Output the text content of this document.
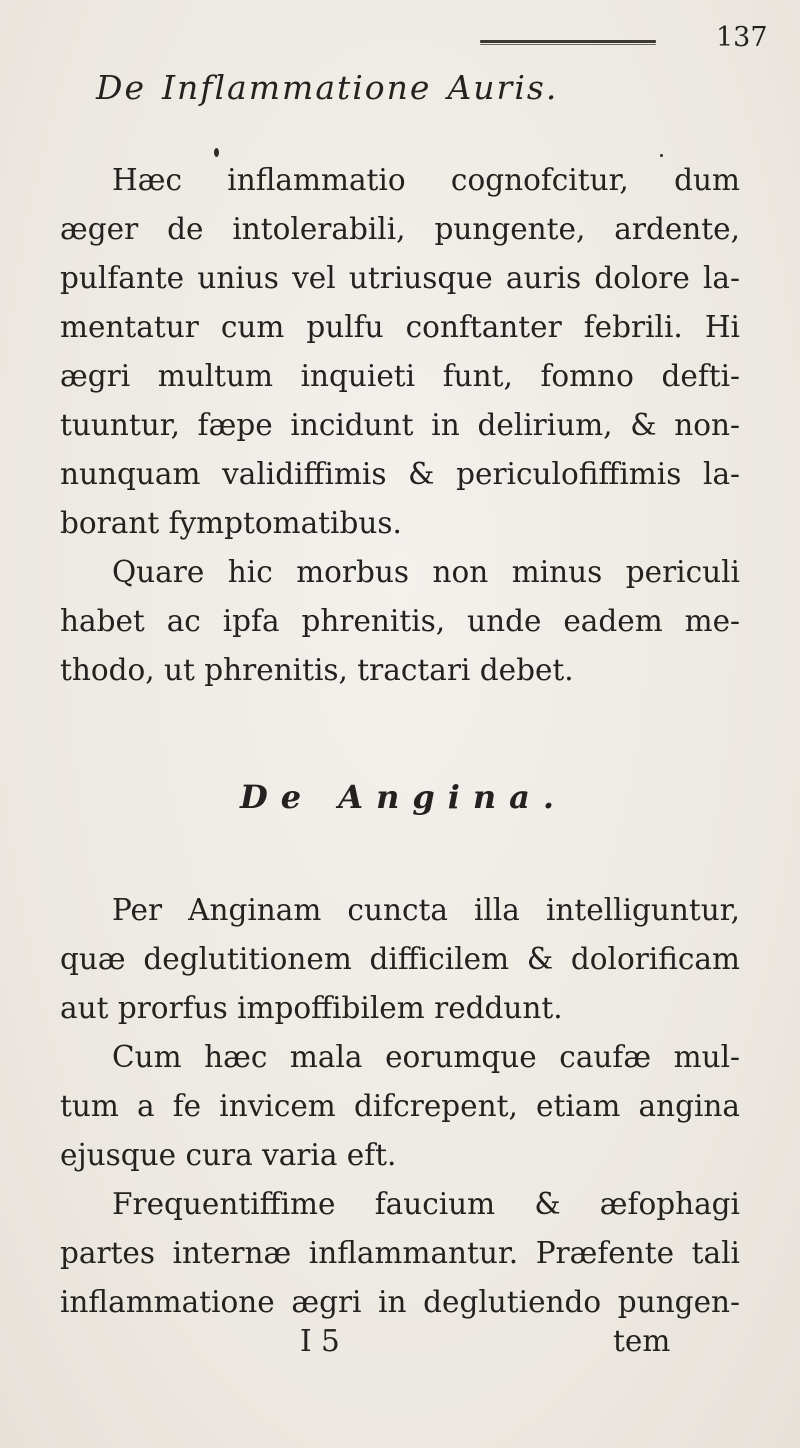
137
De Inflammatione Auris.
Hæc inflammatio cognofcitur, dum
æger de intolerabili, pungente, ardente,
pulfante unius vel utriusque auris dolore la-
mentatur cum pulfu conftanter febrili. Hi
ægri multum inquieti funt, fomno defti-
tuuntur, fæpe incidunt in delirium, & non-
nunquam validiffimis & periculofiffimis la-
borant fymptomatibus.
Quare hic morbus non minus periculi
habet ac ipfa phrenitis, unde eadem me-
thodo, ut phrenitis, tractari debet.
De Angina.
Per Anginam cuncta illa intelliguntur,
quæ deglutitionem difficilem & dolorificam
aut prorfus impoffibilem reddunt.
Cum hæc mala eorumque caufæ mul-
tum a fe invicem difcrepent, etiam angina
ejusque cura varia eft.
Frequentiffime faucium & æfophagi
partes internæ inflammantur. Præfente tali
inflammatione ægri in deglutiendo pungen-
I 5	tem
